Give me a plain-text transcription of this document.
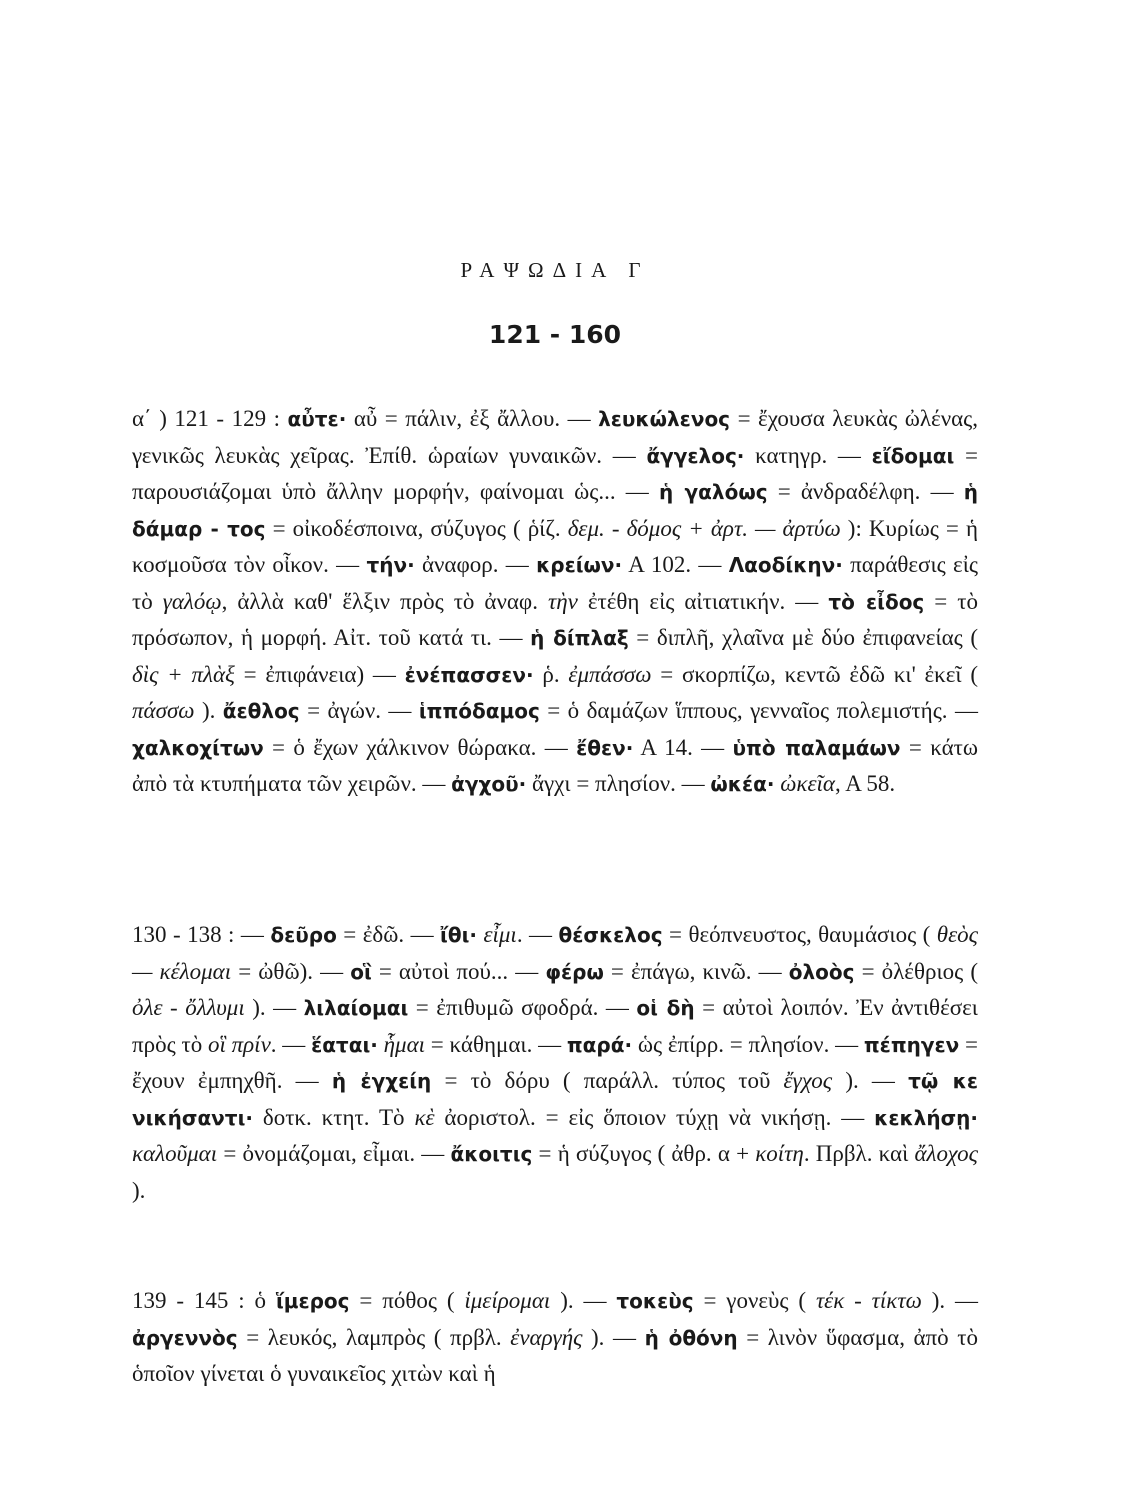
ΡΑΨΩΔΙΑ Γ
121 - 160
α΄ ) 121 - 129 : αὖτε· αὖ = πάλιν, ἐξ ἄλλου. — λευκώλενος = ἔχουσα λευκὰς ὠλένας, γενικῶς λευκὰς χεῖρας. Ἐπίθ. ὡραίων γυναικῶν. — ἄγγελος· κατηγρ. — εἴδομαι = παρουσιάζομαι ὑπὸ ἄλλην μορφήν, φαίνομαι ὡς... — ἡ γαλόως = ἀνδραδέλφη. — ἡ δάμαρ - τος = οἰκοδέσποινα, σύζυγος ( ῥίζ. δεμ. - δόμος + ἀρτ. — ἀρτύω ): Κυρίως = ἡ κοσμοῦσα τὸν οἶκον. — τήν· ἀναφορ. — κρείων· Α 102. — Λαοδίκην· παράθεσις εἰς τὸ γαλόῳ, ἀλλὰ καθ' ἕλξιν πρὸς τὸ ἀναφ. τὴν ἐτέθη εἰς αἰτιατικήν. — τὸ εἶδος = τὸ πρόσωπον, ἡ μορφή. Αἰτ. τοῦ κατά τι. — ἡ δίπλαξ = διπλῆ, χλαῖνα μὲ δύο ἐπιφανείας ( δὶς + πλὰξ = ἐπιφάνεια) — ἐνέπασσεν· ῥ. ἐμπάσσω = σκορπίζω, κεντῶ ἐδῶ κι' ἐκεῖ ( πάσσω ). ἄεθλος = ἀγών. — ἱππόδαμος = ὁ δαμάζων ἵππους, γενναῖος πολεμιστής. — χαλκοχίτων = ὁ ἔχων χάλκινον θώρακα. — ἔθεν· Α 14. — ὑπὸ παλαμάων = κάτω ἀπὸ τὰ κτυπήματα τῶν χειρῶν. — ἀγχοῦ· ἄγχι = πλησίον. — ὠκέα· ὠκεῖα, Α 58.
130 - 138 : — δεῦρο = ἐδῶ. — ἴθι· εἶμι. — θέσκελος = θεόπνευστος, θαυμάσιος ( θεὸς — κέλομαι = ὠθῶ). — οἳ = αὐτοὶ πού... — φέρω = ἐπάγω, κινῶ. — ὀλοὸς = ὀλέθριος ( ὀλε - ὄλλυμι ). — λιλαίομαι = ἐπιθυμῶ σφοδρά. — οἱ δὴ = αὐτοὶ λοιπόν. Ἐν ἀντιθέσει πρὸς τὸ οἳ πρίν. — ἕαται· ἧμαι = κάθημαι. — παρά· ὡς ἐπίρρ. = πλησίον. — πέπηγεν = ἔχουν ἐμπηχθῆ. — ἡ ἐγχείη = τὸ δόρυ ( παράλλ. τύπος τοῦ ἔγχος ). — τῷ κε νικήσαντι· δοτκ. κτητ. Τὸ κὲ ἀοριστολ. = εἰς ὅποιον τύχῃ νὰ νικήσῃ. — κεκλήσῃ· καλοῦμαι = ὀνομάζομαι, εἶμαι. — ἄκοιτις = ἡ σύζυγος ( ἀθρ. α + κοίτη. Πρβλ. καὶ ἄλοχος ).
139 - 145 : ὁ ἵμερος = πόθος ( ἱμείρομαι ). — τοκεὺς = γονεὺς ( τέκ - τίκτω ). — ἀργεννὸς = λευκός, λαμπρὸς ( πρβλ. ἐναργής ). — ἡ ὀθόνη = λινὸν ὕφασμα, ἀπὸ τὸ ὁποῖον γίνεται ὁ γυναικεῖος χιτὼν καὶ ἡ
